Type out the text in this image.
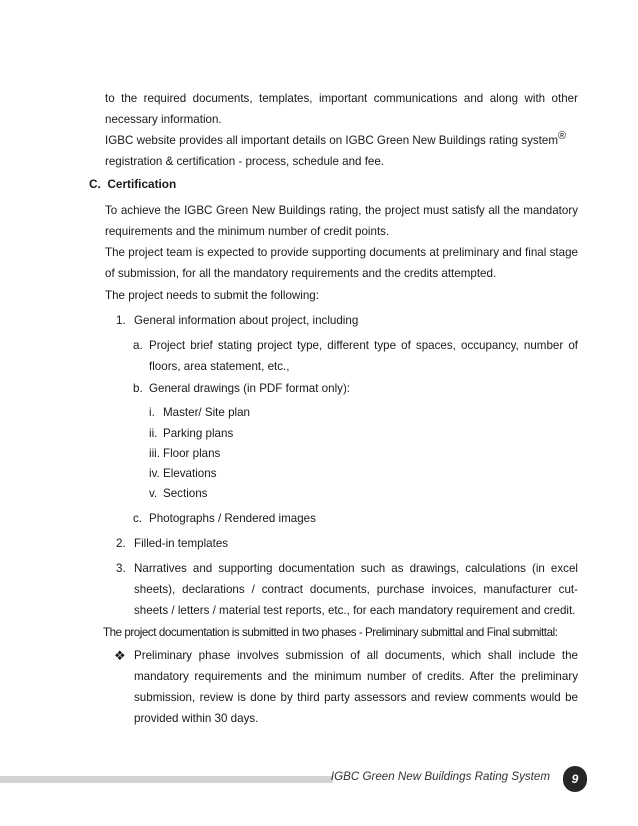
to the required documents, templates, important communications and along with other necessary information.

IGBC website provides all important details on IGBC Green New Buildings rating system®
registration & certification - process, schedule and fee.

C. Certification

To achieve the IGBC Green New Buildings rating, the project must satisfy all the mandatory requirements and the minimum number of credit points.

The project team is expected to provide supporting documents at preliminary and final stage of submission, for all the mandatory requirements and the credits attempted.

The project needs to submit the following:

1. General information about project, including

a. Project brief stating project type, different type of spaces, occupancy, number of floors, area statement, etc.,

b. General drawings (in PDF format only):

i. Master/ Site plan
ii. Parking plans
iii. Floor plans
iv. Elevations
v. Sections
c. Photographs / Rendered images

2. Filled-in templates

3. Narratives and supporting documentation such as drawings, calculations (in excel sheets), declarations / contract documents, purchase invoices, manufacturer cut-sheets / letters / material test reports, etc., for each mandatory requirement and credit.

The project documentation is submitted in two phases - Preliminary submittal and Final submittal:

❖ Preliminary phase involves submission of all documents, which shall include the mandatory requirements and the minimum number of credits. After the preliminary submission, review is done by third party assessors and review comments would be provided within 30 days.

IGBC Green New Buildings Rating System 9
